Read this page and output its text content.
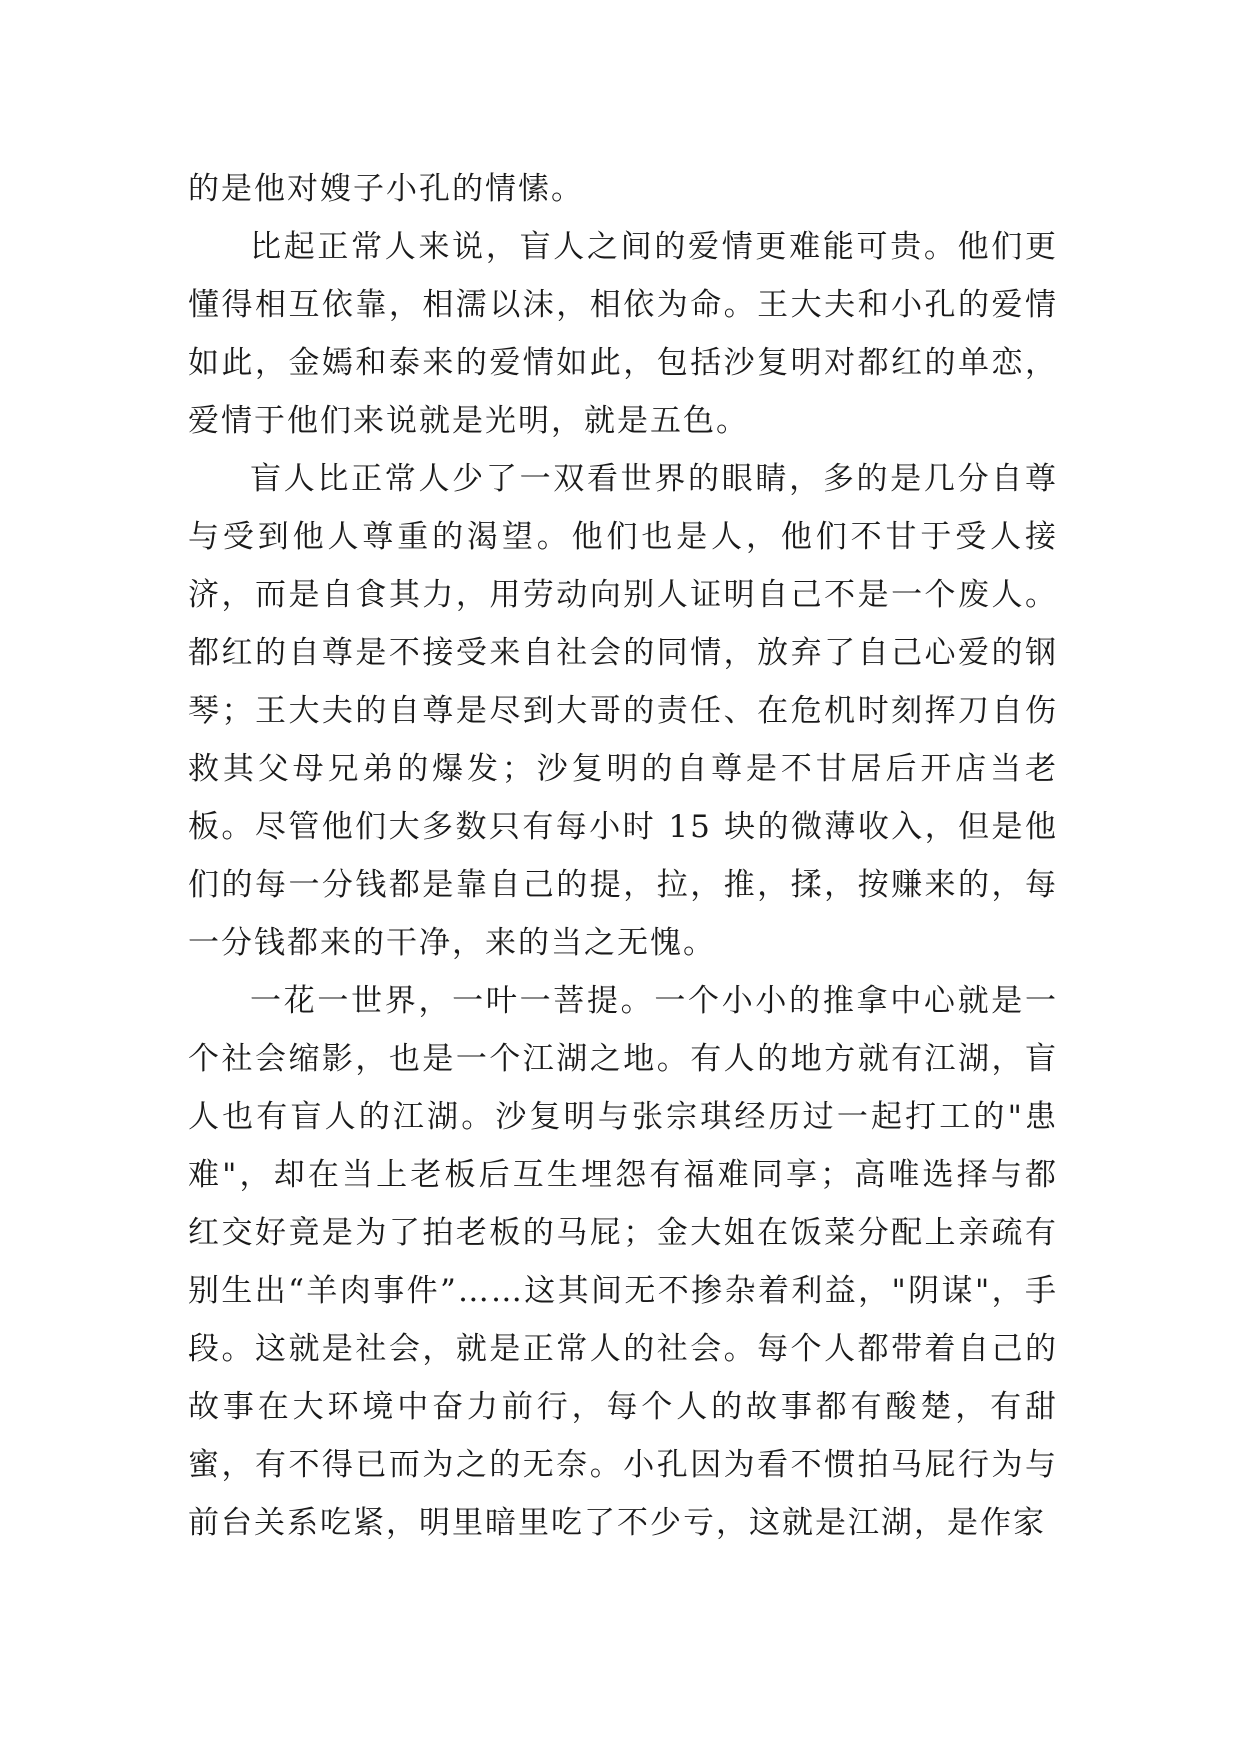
的是他对嫂子小孔的情愫。

比起正常人来说，盲人之间的爱情更难能可贵。他们更懂得相互依靠，相濡以沫，相依为命。王大夫和小孔的爱情如此，金嫣和泰来的爱情如此，包括沙复明对都红的单恋，爱情于他们来说就是光明，就是五色。

盲人比正常人少了一双看世界的眼睛，多的是几分自尊与受到他人尊重的渴望。他们也是人，他们不甘于受人接济，而是自食其力，用劳动向别人证明自己不是一个废人。都红的自尊是不接受来自社会的同情，放弃了自己心爱的钢琴；王大夫的自尊是尽到大哥的责任、在危机时刻挥刀自伤救其父母兄弟的爆发；沙复明的自尊是不甘居后开店当老板。尽管他们大多数只有每小时 15 块的微薄收入，但是他们的每一分钱都是靠自己的提，拉，推，揉，按赚来的，每一分钱都来的干净，来的当之无愧。

一花一世界，一叶一菩提。一个小小的推拿中心就是一个社会缩影，也是一个江湖之地。有人的地方就有江湖，盲人也有盲人的江湖。沙复明与张宗琪经历过一起打工的"患难"，却在当上老板后互生埋怨有福难同享；高唯选择与都红交好竟是为了拍老板的马屁；金大姐在饭菜分配上亲疏有别生出“羊肉事件”……这其间无不掺杂着利益，"阴谋"，手段。这就是社会，就是正常人的社会。每个人都带着自己的故事在大环境中奋力前行，每个人的故事都有酸楚，有甜蜜，有不得已而为之的无奈。小孔因为看不惯拍马屁行为与前台关系吃紧，明里暗里吃了不少亏，这就是江湖，是作家
